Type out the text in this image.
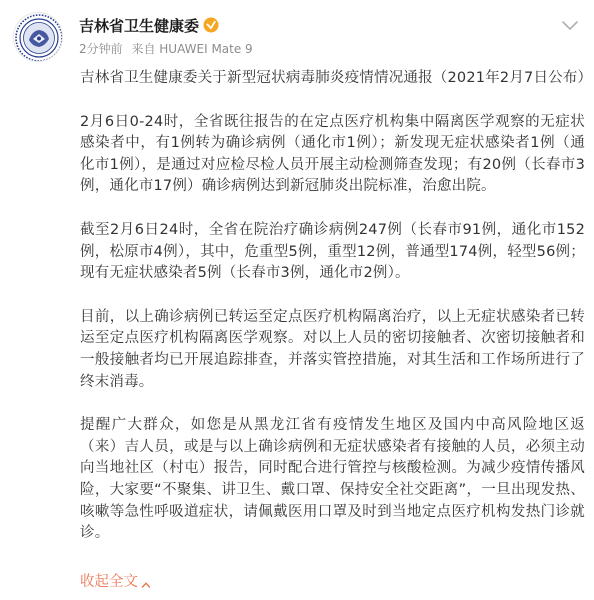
吉林省卫生健康委
2分钟前 来自 HUAWEI Mate 9

吉林省卫生健康委关于新型冠状病毒肺炎疫情情况通报（2021年2月7日公布）

2月6日0-24时，全省既往报告的在定点医疗机构集中隔离医学观察的无症状感染者中，有1例转为确诊病例（通化市1例）；新发现无症状感染者1例（通化市1例），是通过对应检尽检人员开展主动检测筛查发现；有20例（长春市3例，通化市17例）确诊病例达到新冠肺炎出院标准，治愈出院。

截至2月6日24时，全省在院治疗确诊病例247例（长春市91例，通化市152例，松原市4例），其中，危重型5例，重型12例，普通型174例，轻型56例；现有无症状感染者5例（长春市3例，通化市2例）。

目前，以上确诊病例已转运至定点医疗机构隔离治疗，以上无症状感染者已转运至定点医疗机构隔离医学观察。对以上人员的密切接触者、次密切接触者和一般接触者均已开展追踪排查，并落实管控措施，对其生活和工作场所进行了终末消毒。

提醒广大群众，如您是从黑龙江省有疫情发生地区及国内中高风险地区返（来）吉人员，或是与以上确诊病例和无症状感染者有接触的人员，必须主动向当地社区（村屯）报告，同时配合进行管控与核酸检测。为减少疫情传播风险，大家要“不聚集、讲卫生、戴口罩、保持安全社交距离”，一旦出现发热、咳嗽等急性呼吸道症状，请佩戴医用口罩及时到当地定点医疗机构发热门诊就诊。

收起全文
